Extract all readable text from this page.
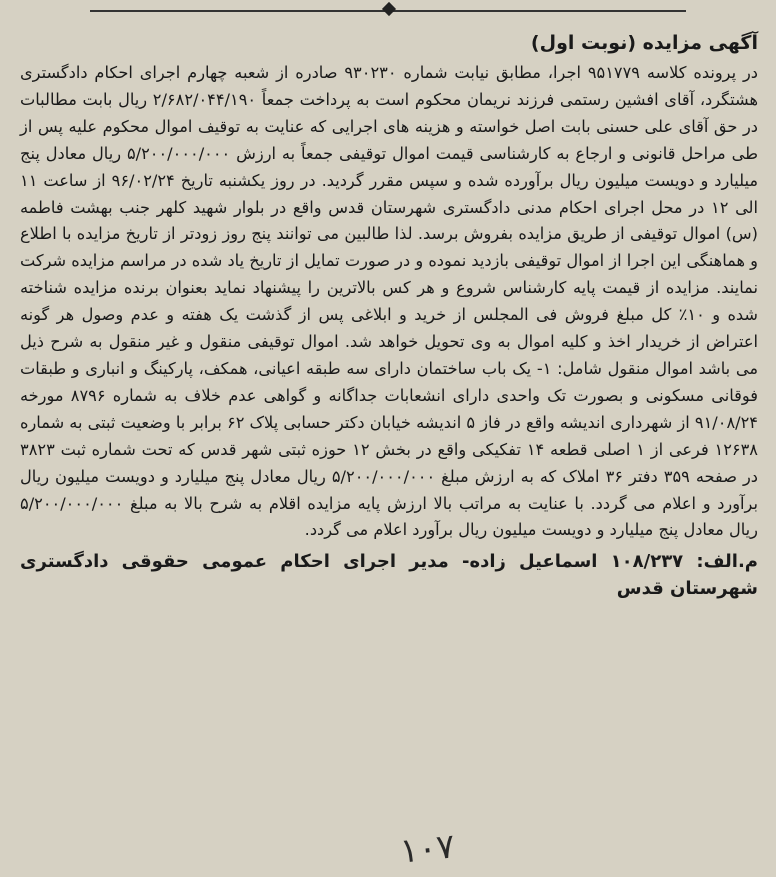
آگهی مزایده (نوبت اول)

در پرونده کلاسه ۹۵۱۷۷۹ اجرا، مطابق نیابت شماره ۹۳۰۲۳۰ صادره از شعبه چهارم اجرای احکام دادگستری هشتگرد، آقای افشین رستمی فرزند نریمان محکوم است به پرداخت جمعاً ۲/۶۸۲/۰۴۴/۱۹۰ ریال بابت مطالبات در حق آقای علی حسنی بابت اصل خواسته و هزینه های اجرایی که عنایت به توقیف اموال محکوم علیه پس از طی مراحل قانونی و ارجاع به کارشناسی قیمت اموال توقیفی جمعاً به ارزش ۵/۲۰۰/۰۰۰/۰۰۰ ریال معادل پنج میلیارد و دویست میلیون ریال برآورده شده و سپس مقرر گردید. در روز یکشنبه تاریخ ۹۶/۰۲/۲۴ از ساعت ۱۱ الی ۱۲ در محل اجرای احکام مدنی دادگستری شهرستان قدس واقع در بلوار شهید کلهر جنب بهشت فاطمه (س) اموال توقیفی از طریق مزایده بفروش برسد. لذا طالبین می توانند پنج روز زودتر از تاریخ مزایده با اطلاع و هماهنگی این اجرا از اموال توقیفی بازدید نموده و در صورت تمایل از تاریخ یاد شده در مراسم مزایده شرکت نمایند. مزایده از قیمت پایه کارشناس شروع و هر کس بالاترین را پیشنهاد نماید بعنوان برنده مزایده شناخته شده و ۱۰٪ کل مبلغ فروش فی المجلس از خرید و ابلاغی پس از گذشت یک هفته و عدم وصول هر گونه اعتراض از خریدار اخذ و کلیه اموال به وی تحویل خواهد شد. اموال توقیفی منقول و غیر منقول به شرح ذیل می باشد اموال منقول شامل: ۱- یک باب ساختمان دارای سه طبقه اعیانی، همکف، پارکینگ و انباری و طبقات فوقانی مسکونی و بصورت تک واحدی دارای انشعابات جداگانه و گواهی عدم خلاف به شماره ۸۷۹۶ مورخه ۹۱/۰۸/۲۴ از شهرداری اندیشه واقع در فاز ۵ اندیشه خیابان دکتر حسابی پلاک ۶۲ برابر با وضعیت ثبتی به شماره ۱۲۶۳۸ فرعی از ۱ اصلی قطعه ۱۴ تفکیکی واقع در بخش ۱۲ حوزه ثبتی شهر قدس که تحت شماره ثبت ۳۸۲۳ در صفحه ۳۵۹ دفتر ۳۶ املاک که به ارزش مبلغ ۵/۲۰۰/۰۰۰/۰۰۰ ریال معادل پنج میلیارد و دویست میلیون ریال برآورد و اعلام می گردد. با عنایت به مراتب بالا ارزش پایه مزایده اقلام به شرح بالا به مبلغ ۵/۲۰۰/۰۰۰/۰۰۰ ریال معادل پنج میلیارد و دویست میلیون ریال برآورد اعلام می گردد.

م.الف: ۱۰۸/۲۳۷ اسماعیل زاده- مدیر اجرای احکام عمومی حقوقی دادگستری شهرستان قدس
۱۰۷
